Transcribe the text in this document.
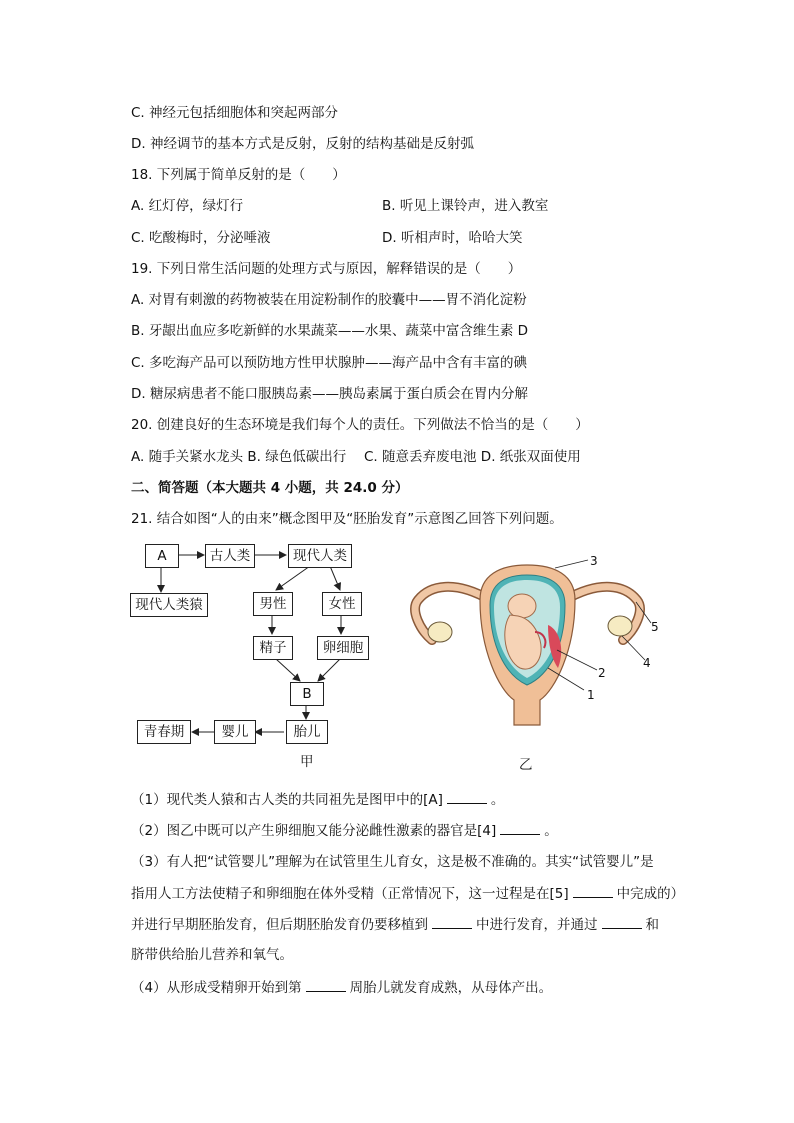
C. 神经元包括细胞体和突起两部分
D. 神经调节的基本方式是反射，反射的结构基础是反射弧
18. 下列属于简单反射的是（　　）
A. 红灯停，绿灯行	B. 听见上课铃声，进入教室
C. 吃酸梅时，分泌唾液	D. 听相声时，哈哈大笑
19. 下列日常生活问题的处理方式与原因，解释错误的是（　　）
A. 对胃有刺激的药物被装在用淀粉制作的胶囊中——胃不消化淀粉
B. 牙龈出血应多吃新鲜的水果蔬菜——水果、蔬菜中富含维生素 D
C. 多吃海产品可以预防地方性甲状腺肿——海产品中含有丰富的碘
D. 糖尿病患者不能口服胰岛素——胰岛素属于蛋白质会在胃内分解
20. 创建良好的生态环境是我们每个人的责任。下列做法不恰当的是（　　）
A. 随手关紧水龙头 B. 绿色低碳出行　 C. 随意丢弃废电池 D. 纸张双面使用
二、简答题（本大题共 4 小题，共 24.0 分）
21. 结合如图“人的由来”概念图甲及“胚胎发育”示意图乙回答下列问题。
A	古人类	现代人类
现代人类猿	男性	女性
精子	卵细胞
B
胎儿
婴儿
青春期
甲
3
2
1
4
5
乙
（1）现代类人猿和古人类的共同祖先是图甲中的[A]	。
（2）图乙中既可以产生卵细胞又能分泌雌性激素的器官是[4]	。
（3）有人把“试管婴儿”理解为在试管里生儿育女，这是极不准确的。其实“试管婴儿”是
指用人工方法使精子和卵细胞在体外受精（正常情况下，这一过程是在[5]	中完成的）
并进行早期胚胎发育，但后期胚胎发育仍要移植到	中进行发育，并通过	和
脐带供给胎儿营养和氧气。
（4）从形成受精卵开始到第	周胎儿就发育成熟，从母体产出。
